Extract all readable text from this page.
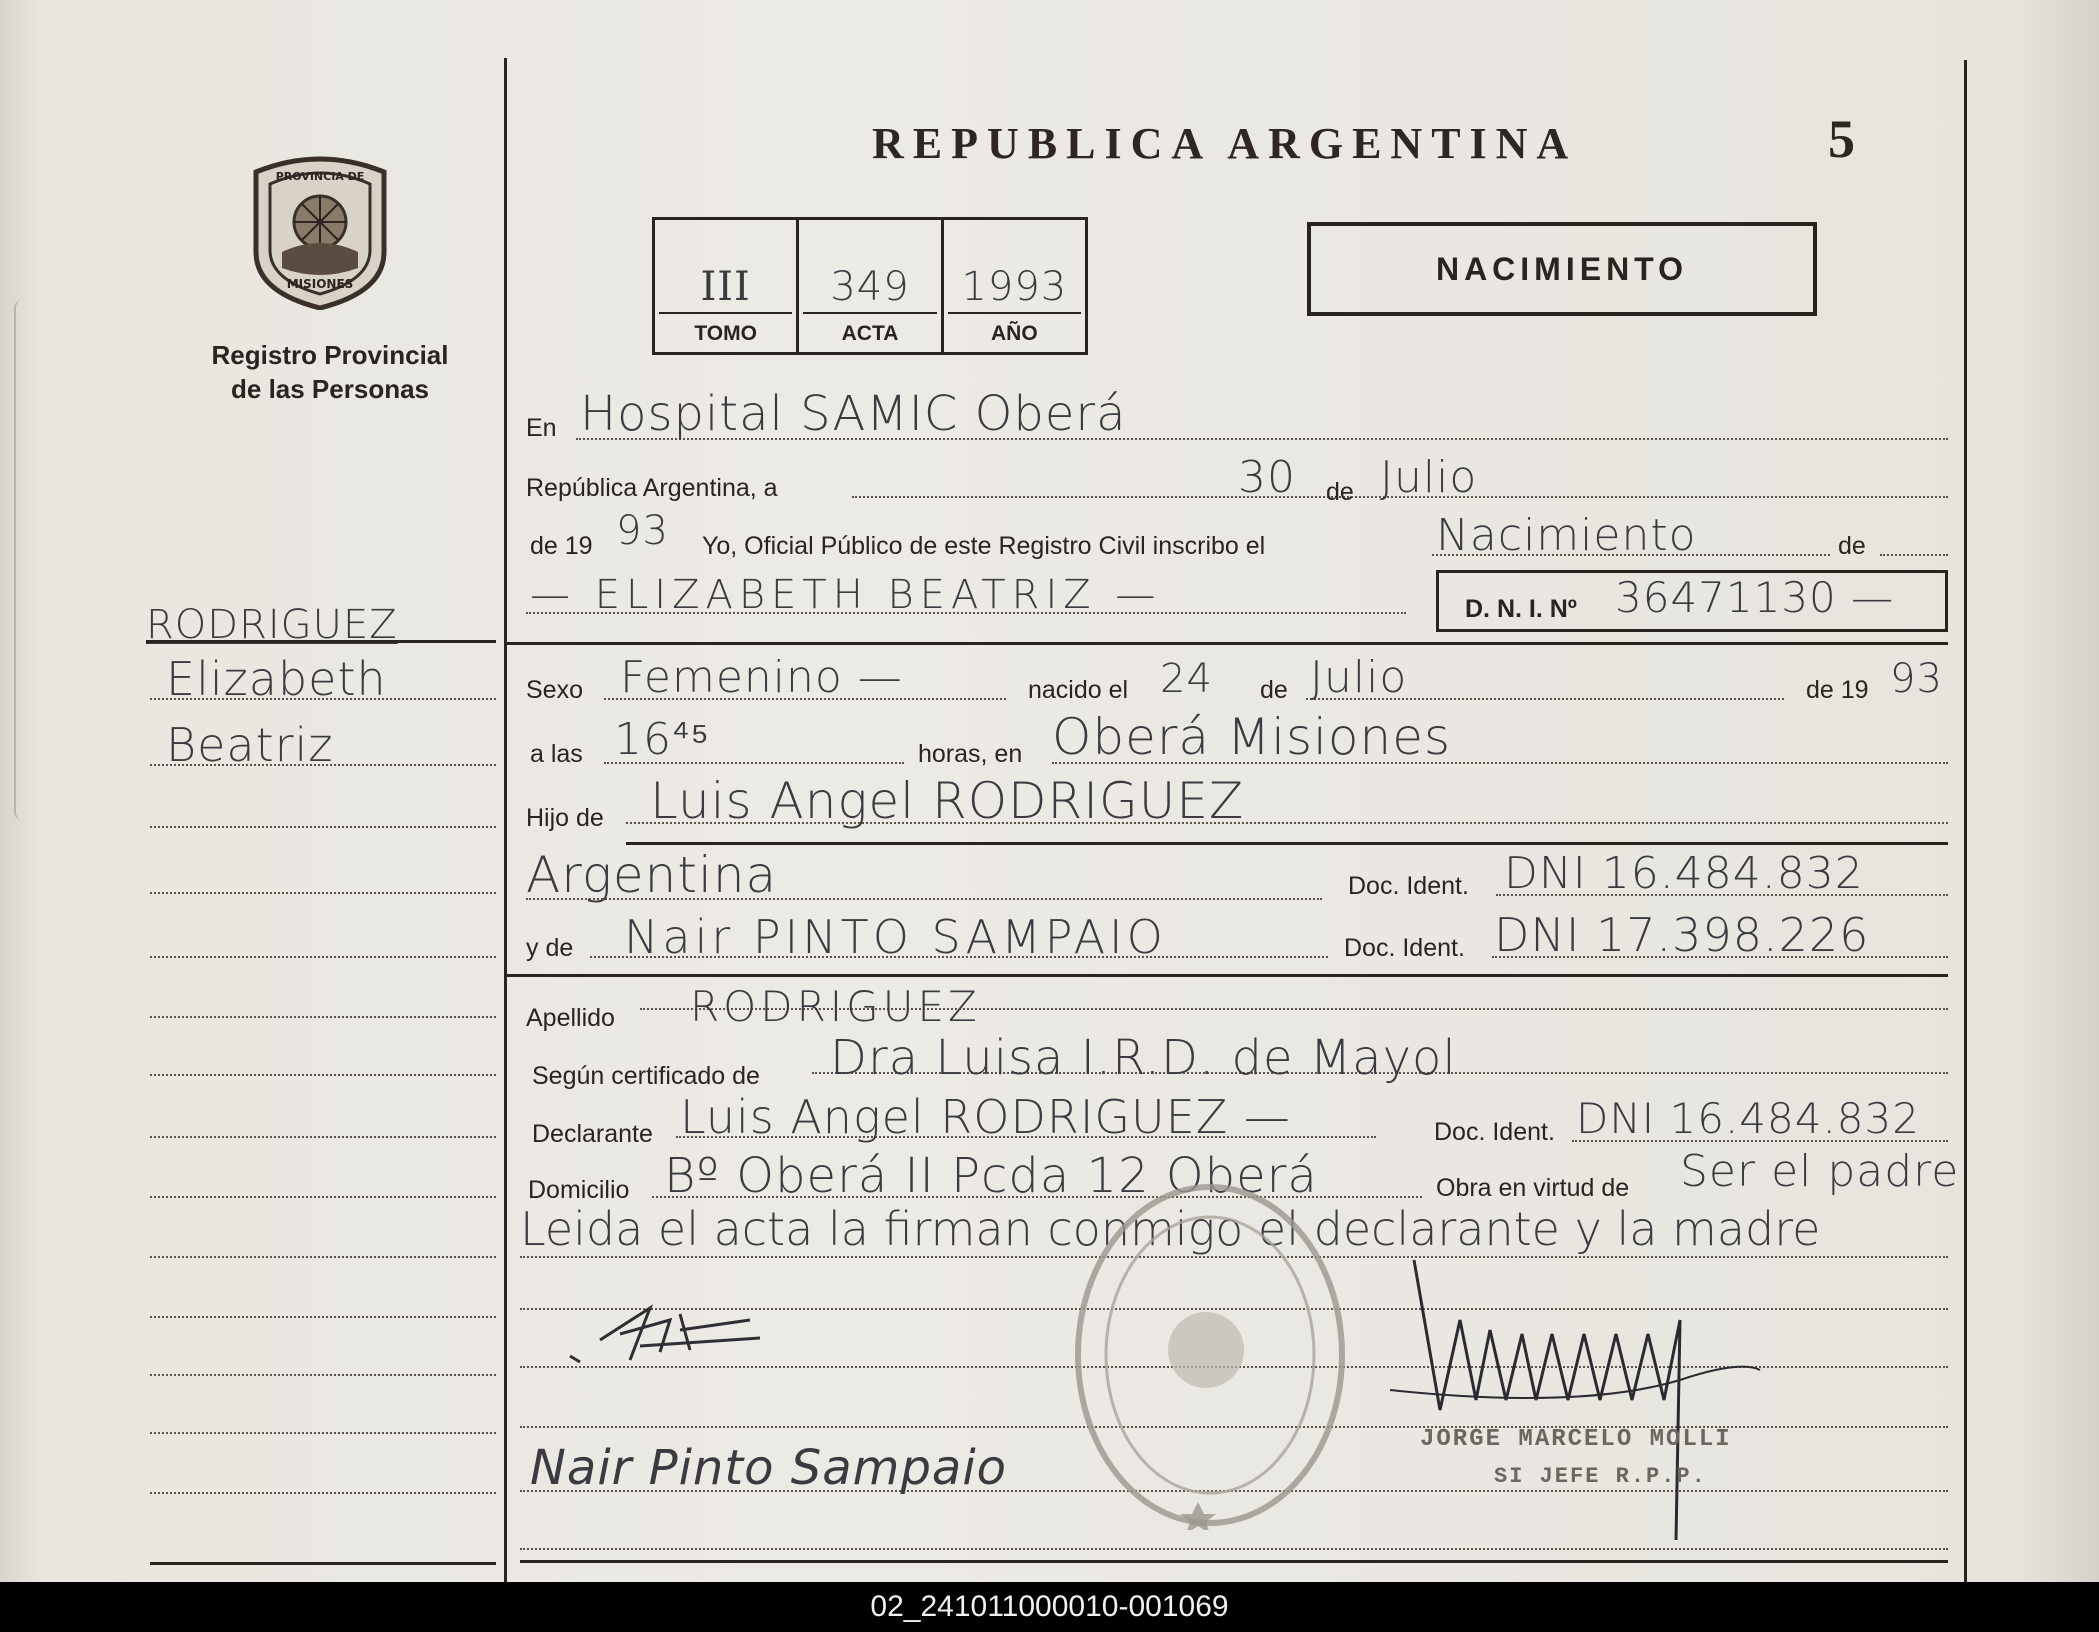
REPUBLICA ARGENTINA	5
NACIMIENTO
PROVINCIA DE
MISIONES
Registro Provincial
de las Personas
III
TOMO
349
ACTA
1993
AÑO
RODRIGUEZ
Elizabeth
Beatriz
En Hospital SAMIC Oberá
República Argentina, a	30 de Julio
de 19 93 Yo, Oficial Público de este Registro Civil inscribo el	Nacimiento	de
— ELIZABETH BEATRIZ —	D. N. I. Nº 36471130 —
Sexo Femenino —	nacido el 24 de Julio	de 19 93
a las 16⁴⁵	horas, en Oberá Misiones
Hijo de Luis Angel RODRIGUEZ
Argentina	Doc. Ident. DNI 16.484.832
y de Nair PINTO SAMPAIO	Doc. Ident. DNI 17.398.226
Apellido RODRIGUEZ
Según certificado de Dra Luisa I.R.D. de Mayol
Declarante Luis Angel RODRIGUEZ —	Doc. Ident. DNI 16.484.832
Domicilio Bº Oberá II Pcda 12 Oberá	Obra en virtud de Ser el padre
Leida el acta la firman conmigo el declarante y la madre
Nair Pinto Sampaio
JORGE MARCELO MOLLI
SI JEFE R.P.P.
02_241011000010-001069
